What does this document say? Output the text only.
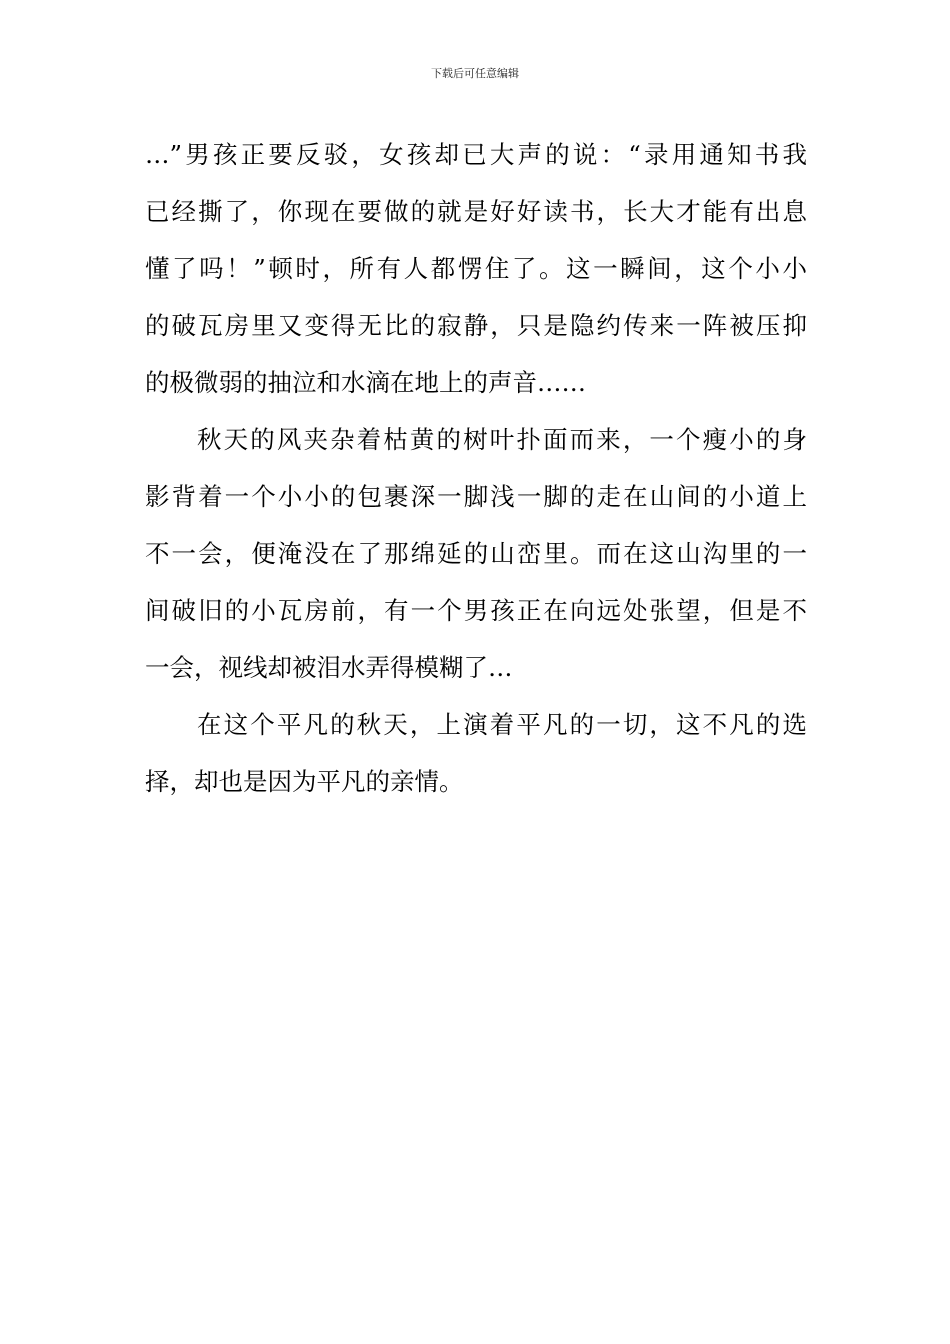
下载后可任意编辑
…”男孩正要反驳，女孩却已大声的说：“录用通知书我
已经撕了，你现在要做的就是好好读书，长大才能有出息
懂了吗！”顿时，所有人都愣住了。这一瞬间，这个小小
的破瓦房里又变得无比的寂静，只是隐约传来一阵被压抑
的极微弱的抽泣和水滴在地上的声音……
秋天的风夹杂着枯黄的树叶扑面而来，一个瘦小的身
影背着一个小小的包裹深一脚浅一脚的走在山间的小道上
不一会，便淹没在了那绵延的山峦里。而在这山沟里的一
间破旧的小瓦房前，有一个男孩正在向远处张望，但是不
一会，视线却被泪水弄得模糊了…
在这个平凡的秋天，上演着平凡的一切，这不凡的选
择，却也是因为平凡的亲情。
